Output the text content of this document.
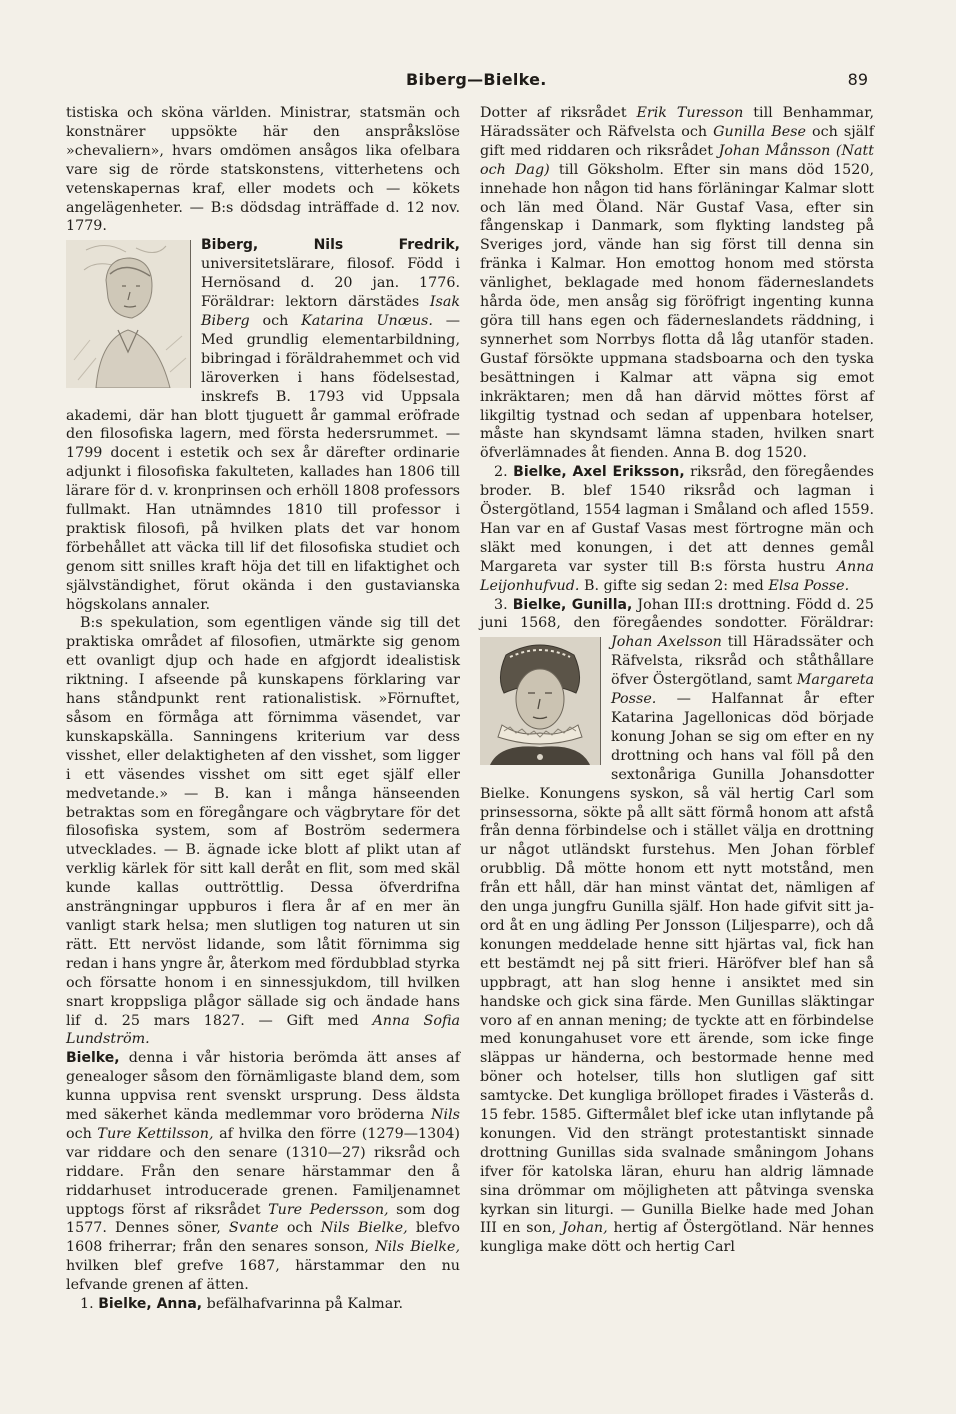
Biberg—Bielke.	89

tistiska och sköna världen. Ministrar, statsmän och konstnärer uppsökte här den anspråkslöse »chevaliern», hvars omdömen ansågos lika ofelbara vare sig de rörde statskonstens, vitterhetens och vetenskapernas kraf, eller modets och — kökets angelägenheter. — B:s dödsdag inträffade d. 12 nov. 1779.

Biberg, Nils Fredrik,
universitetslärare, filosof. Född i Hernösand d. 20 jan. 1776. Föräldrar: lektorn därstädes Isak Biberg och Katarina Unœus. — Med grundlig elementarbildning, bibringad i föräldrahemmet och vid läroverken i hans födelsestad, inskrefs B. 1793 vid Uppsala akademi, där han blott tjuguett år gammal eröfrade den filosofiska lagern, med första hedersrummet. — 1799 docent i estetik och sex år därefter ordinarie adjunkt i filosofiska fakulteten, kallades han 1806 till lärare för d. v. kronprinsen och erhöll 1808 professors fullmakt. Han utnämndes 1810 till professor i praktisk filosofi, på hvilken plats det var honom förbehållet att väcka till lif det filosofiska studiet och genom sitt snilles kraft höja det till en lifaktighet och självständighet, förut okända i den gustavianska högskolans annaler.

B:s spekulation, som egentligen vände sig till det praktiska området af filosofien, utmärkte sig genom ett ovanligt djup och hade en afgjordt idealistisk riktning. I afseende på kunskapens förklaring var hans ståndpunkt rent rationalistisk. »Förnuftet, såsom en förmåga att förnimma väsendet, var kunskapskälla. Sanningens kriterium var dess visshet, eller delaktigheten af den visshet, som ligger i ett väsendes visshet om sitt eget själf eller medvetande.» — B. kan i många hänseenden betraktas som en föregångare och vägbrytare för det filosofiska system, som af Boström sedermera utvecklades. — B. ägnade icke blott af plikt utan af verklig kärlek för sitt kall deråt en flit, som med skäl kunde kallas outtröttlig. Dessa öfverdrifna ansträngningar uppburos i flera år af en mer än vanligt stark helsa; men slutligen tog naturen ut sin rätt. Ett nervöst lidande, som låtit förnimma sig redan i hans yngre år, återkom med fördubblad styrka och försatte honom i en sinnessjukdom, till hvilken snart kroppsliga plågor sällade sig och ändade hans lif d. 25 mars 1827. — Gift med Anna Sofia Lundström.

Bielke, denna i vår historia berömda ätt anses af genealoger såsom den förnämligaste bland dem, som kunna uppvisa rent svenskt ursprung. Dess äldsta med säkerhet kända medlemmar voro bröderna Nils och Ture Kettilsson, af hvilka den förre (1279—1304) var riddare och den senare (1310—27) riksråd och riddare. Från den senare härstammar den å riddarhuset introducerade grenen. Familjenamnet upptogs först af riksrådet Ture Pedersson, som dog 1577. Dennes söner, Svante och Nils Bielke, blefvo 1608 friherrar; från den senares sonson, Nils Bielke, hvilken blef grefve 1687, härstammar den nu lefvande grenen af ätten.

1. Bielke, Anna, befälhafvarinna på Kalmar.

Dotter af riksrådet Erik Turesson till Benhammar, Häradssäter och Räfvelsta och Gunilla Bese och själf gift med riddaren och riksrådet Johan Månsson (Natt och Dag) till Göksholm. Efter sin mans död 1520, innehade hon någon tid hans förläningar Kalmar slott och län med Öland. När Gustaf Vasa, efter sin fångenskap i Danmark, som flykting landsteg på Sveriges jord, vände han sig först till denna sin fränka i Kalmar. Hon emottog honom med största vänlighet, beklagade med honom fäderneslandets hårda öde, men ansåg sig föröfrigt ingenting kunna göra till hans egen och fäderneslandets räddning, i synnerhet som Norrbys flotta då låg utanför staden. Gustaf försökte uppmana stadsboarna och den tyska besättningen i Kalmar att väpna sig emot inkräktaren; men då han därvid möttes först af likgiltig tystnad och sedan af uppenbara hotelser, måste han skyndsamt lämna staden, hvilken snart öfverlämnades åt fienden. Anna B. dog 1520.

2. Bielke, Axel Eriksson, riksråd, den föregåendes broder. B. blef 1540 riksråd och lagman i Östergötland, 1554 lagman i Småland och afled 1559. Han var en af Gustaf Vasas mest förtrogne män och släkt med konungen, i det att dennes gemål Margareta var syster till B:s första hustru Anna Leijonhufvud. B. gifte sig sedan 2: med Elsa Posse.

3. Bielke, Gunilla, Johan III:s drottning. Född d. 25 juni 1568, den föregåendes sondotter. Föräldrar:
Johan Axelsson till Häradssäter och Räfvelsta, riksråd och ståthållare öfver Östergötland, samt Margareta Posse. — Halfannat år efter Katarina Jagellonicas död började konung Johan se sig om efter en ny drottning och hans val föll på den sextonåriga Gunilla Johansdotter Bielke. Konungens syskon, så väl hertig Carl som prinsessorna, sökte på allt sätt förmå honom att afstå från denna förbindelse och i stället välja en drottning ur något utländskt furstehus. Men Johan förblef orubblig. Då mötte honom ett nytt motstånd, men från ett håll, där han minst väntat det, nämligen af den unga jungfru Gunilla själf. Hon hade gifvit sitt ja-ord åt en ung ädling Per Jonsson (Liljesparre), och då konungen meddelade henne sitt hjärtas val, fick han ett bestämdt nej på sitt frieri. Häröfver blef han så uppbragt, att han slog henne i ansiktet med sin handske och gick sina färde. Men Gunillas släktingar voro af en annan mening; de tyckte att en förbindelse med konungahuset vore ett ärende, som icke finge släppas ur händerna, och bestormade henne med böner och hotelser, tills hon slutligen gaf sitt samtycke. Det kungliga bröllopet firades i Västerås d. 15 febr. 1585. Giftermålet blef icke utan inflytande på konungen. Vid den strängt protestantiskt sinnade drottning Gunillas sida svalnade småningom Johans ifver för katolska läran, ehuru han aldrig lämnade sina drömmar om möjligheten att påtvinga svenska kyrkan sin liturgi. — Gunilla Bielke hade med Johan III en son, Johan, hertig af Östergötland. När hennes kungliga make dött och hertig Carl
